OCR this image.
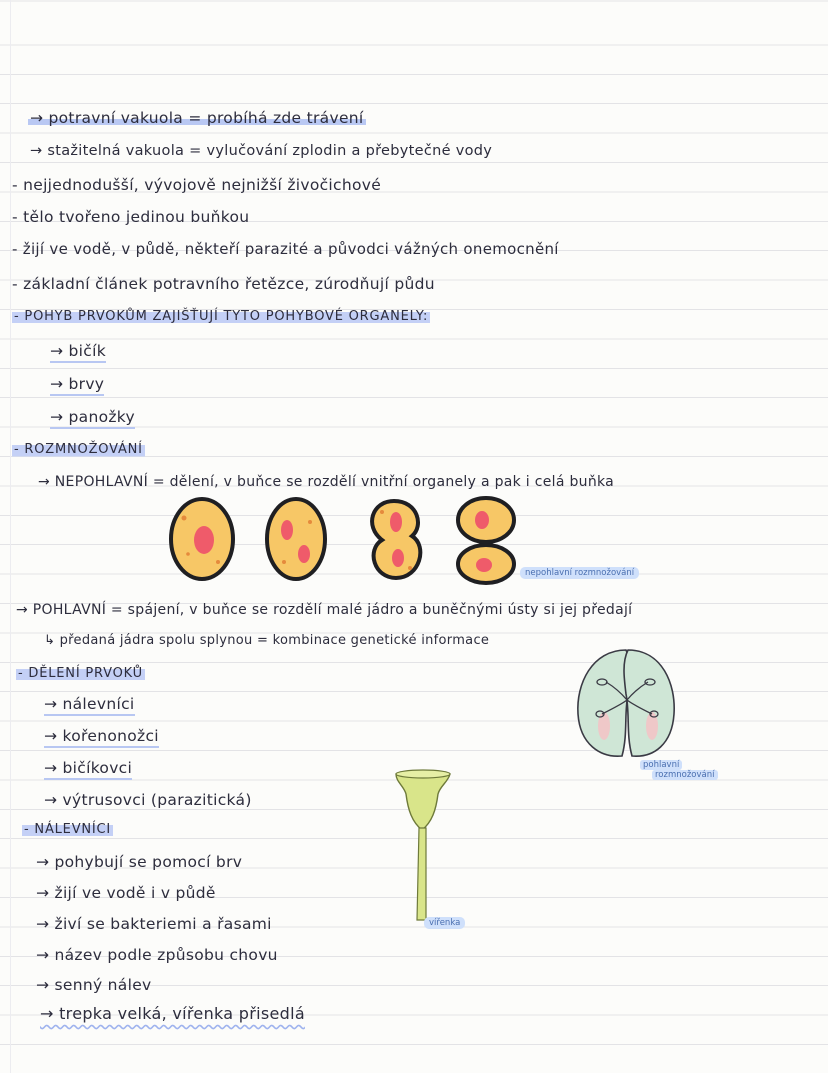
→ potravní vakuola = probíhá zde trávení
→ stažitelná vakuola = vylučování zplodin a přebytečné vody
- nejjednodušší, vývojově nejnižší živočichové
- tělo tvořeno jedinou buňkou
- žijí ve vodě, v půdě, někteří parazité a původci vážných onemocnění
- základní článek potravního řetězce, zúrodňují půdu
- POHYB PRVOKŮM ZAJIŠŤUJÍ TYTO POHYBOVÉ ORGANELY:
→ bičík
→ brvy
→ panožky
- ROZMNOŽOVÁNÍ
→ NEPOHLAVNÍ = dělení, v buňce se rozdělí vnitřní organely a pak i celá buňka
→ POHLAVNÍ = spájení, v buňce se rozdělí malé jádro a buněčnými ústy si jej předají
↳ předaná jádra spolu splynou = kombinace genetické informace
- DĚLENÍ PRVOKŮ
→ nálevníci
→ kořenonožci
→ bičíkovci
→ výtrusovci (parazitická)
- NÁLEVNÍCI
→ pohybují se pomocí brv
→ žijí ve vodě i v půdě
→ živí se bakteriemi a řasami
→ název podle způsobu chovu
→ senný nálev
→ trepka velká, vířenka přisedlá
nepohlavní rozmnožování
pohlavní
rozmnožování
vířenka
